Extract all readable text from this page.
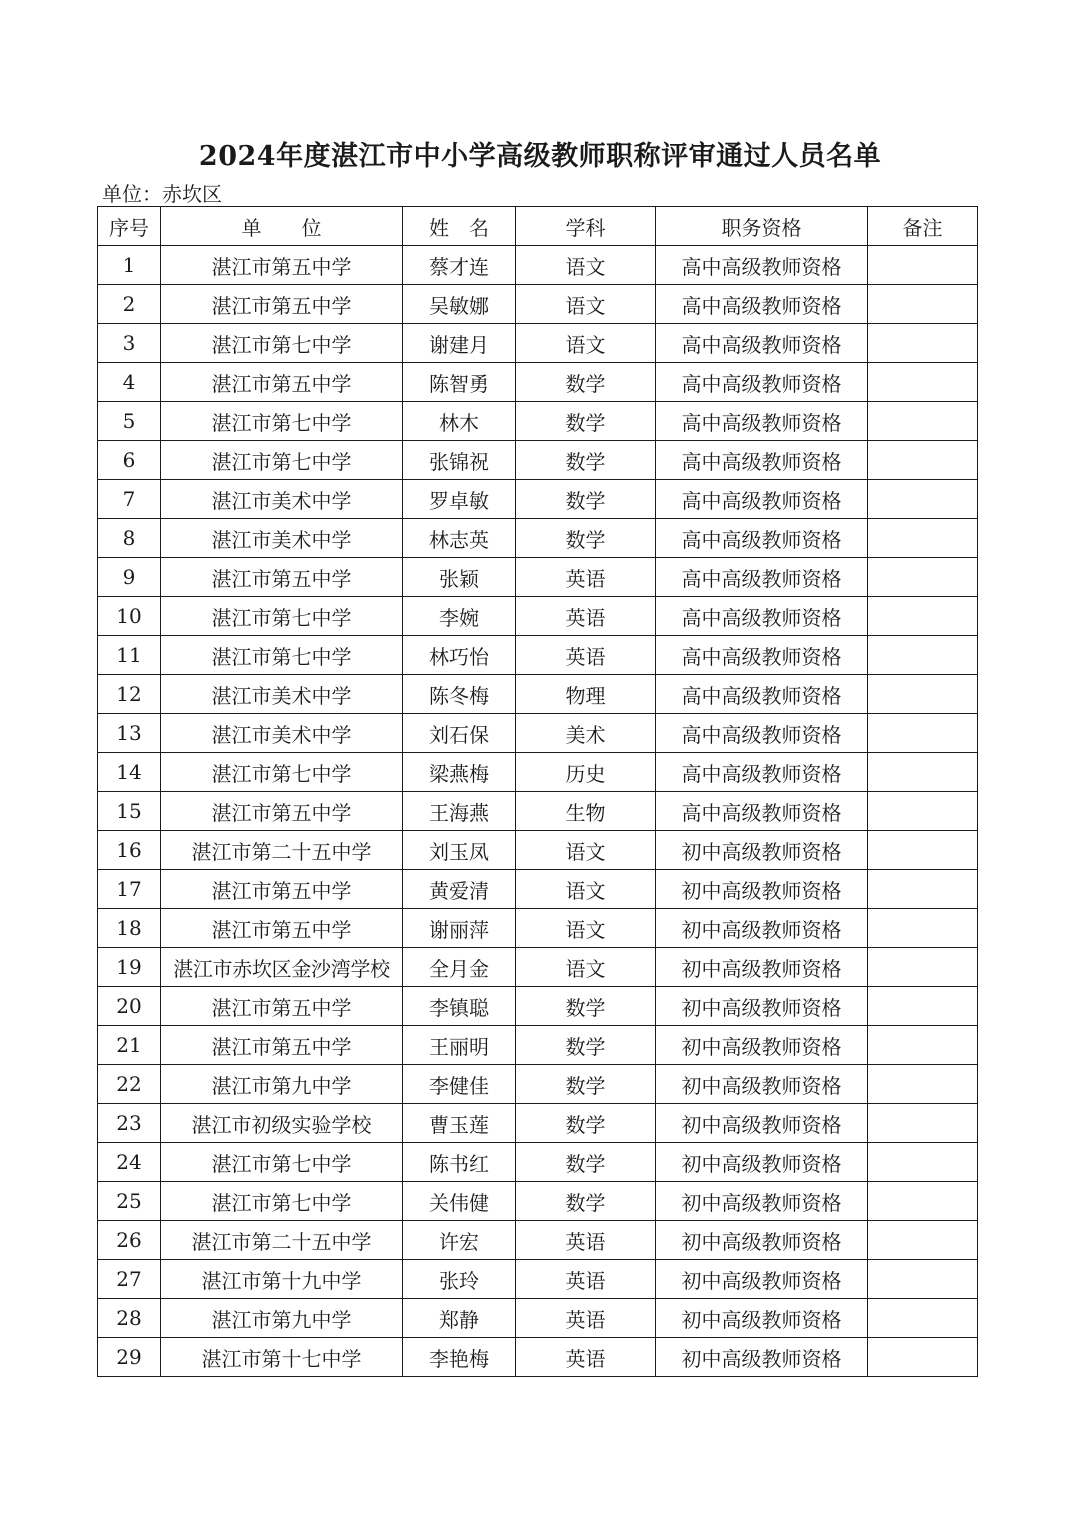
2024年度湛江市中小学高级教师职称评审通过人员名单
单位：赤坎区
序号	单　　位	姓　名	学科	职务资格	备注
1	湛江市第五中学	蔡才连	语文	高中高级教师资格	
2	湛江市第五中学	吴敏娜	语文	高中高级教师资格	
3	湛江市第七中学	谢建月	语文	高中高级教师资格	
4	湛江市第五中学	陈智勇	数学	高中高级教师资格	
5	湛江市第七中学	林木	数学	高中高级教师资格	
6	湛江市第七中学	张锦祝	数学	高中高级教师资格	
7	湛江市美术中学	罗卓敏	数学	高中高级教师资格	
8	湛江市美术中学	林志英	数学	高中高级教师资格	
9	湛江市第五中学	张颖	英语	高中高级教师资格	
10	湛江市第七中学	李婉	英语	高中高级教师资格	
11	湛江市第七中学	林巧怡	英语	高中高级教师资格	
12	湛江市美术中学	陈冬梅	物理	高中高级教师资格	
13	湛江市美术中学	刘石保	美术	高中高级教师资格	
14	湛江市第七中学	梁燕梅	历史	高中高级教师资格	
15	湛江市第五中学	王海燕	生物	高中高级教师资格	
16	湛江市第二十五中学	刘玉凤	语文	初中高级教师资格	
17	湛江市第五中学	黄爱清	语文	初中高级教师资格	
18	湛江市第五中学	谢丽萍	语文	初中高级教师资格	
19	湛江市赤坎区金沙湾学校	全月金	语文	初中高级教师资格	
20	湛江市第五中学	李镇聪	数学	初中高级教师资格	
21	湛江市第五中学	王丽明	数学	初中高级教师资格	
22	湛江市第九中学	李健佳	数学	初中高级教师资格	
23	湛江市初级实验学校	曹玉莲	数学	初中高级教师资格	
24	湛江市第七中学	陈书红	数学	初中高级教师资格	
25	湛江市第七中学	关伟健	数学	初中高级教师资格	
26	湛江市第二十五中学	许宏	英语	初中高级教师资格	
27	湛江市第十九中学	张玲	英语	初中高级教师资格	
28	湛江市第九中学	郑静	英语	初中高级教师资格	
29	湛江市第十七中学	李艳梅	英语	初中高级教师资格	
